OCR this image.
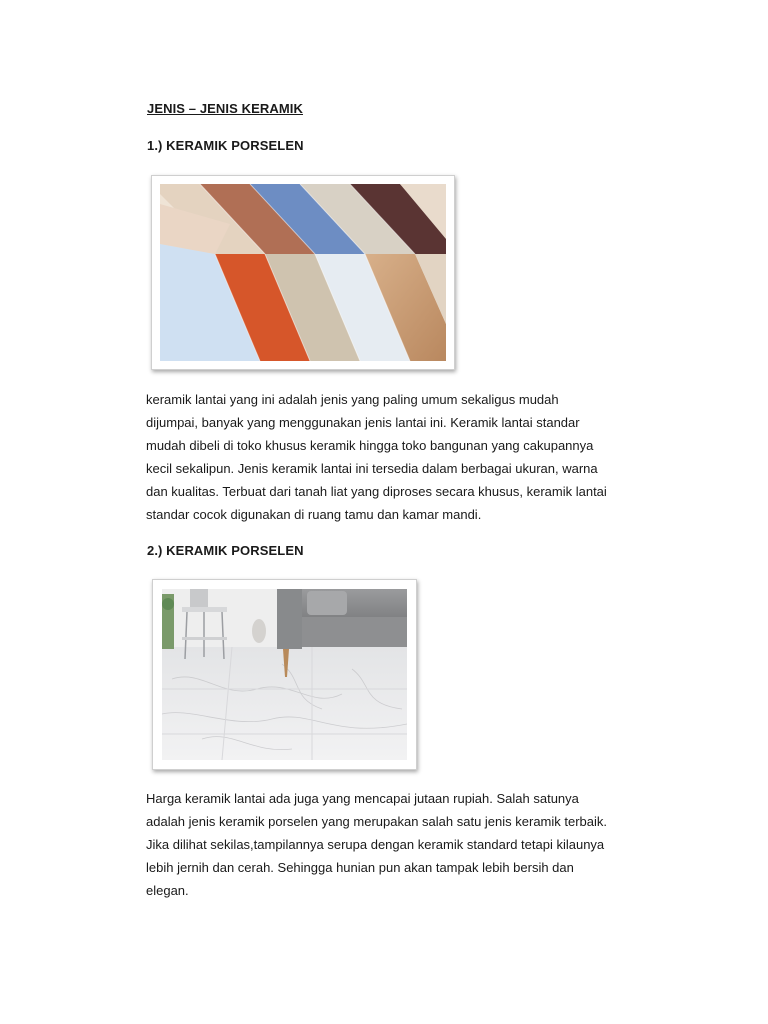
JENIS – JENIS KERAMIK
1.) KERAMIK PORSELEN

keramik lantai yang ini adalah jenis yang paling umum sekaligus mudah
dijumpai, banyak yang menggunakan jenis lantai ini. Keramik lantai standar
mudah dibeli di toko khusus keramik hingga toko bangunan yang cakupannya
kecil sekalipun. Jenis keramik lantai ini tersedia dalam berbagai ukuran, warna
dan kualitas. Terbuat dari tanah liat yang diproses secara khusus, keramik lantai
standar cocok digunakan di ruang tamu dan kamar mandi.

2.) KERAMIK PORSELEN

Harga keramik lantai ada juga yang mencapai jutaan rupiah. Salah satunya
adalah jenis keramik porselen yang merupakan salah satu jenis keramik terbaik.
Jika dilihat sekilas,tampilannya serupa dengan keramik standard tetapi kilaunya
lebih jernih dan cerah. Sehingga hunian pun akan tampak lebih bersih dan
elegan.
